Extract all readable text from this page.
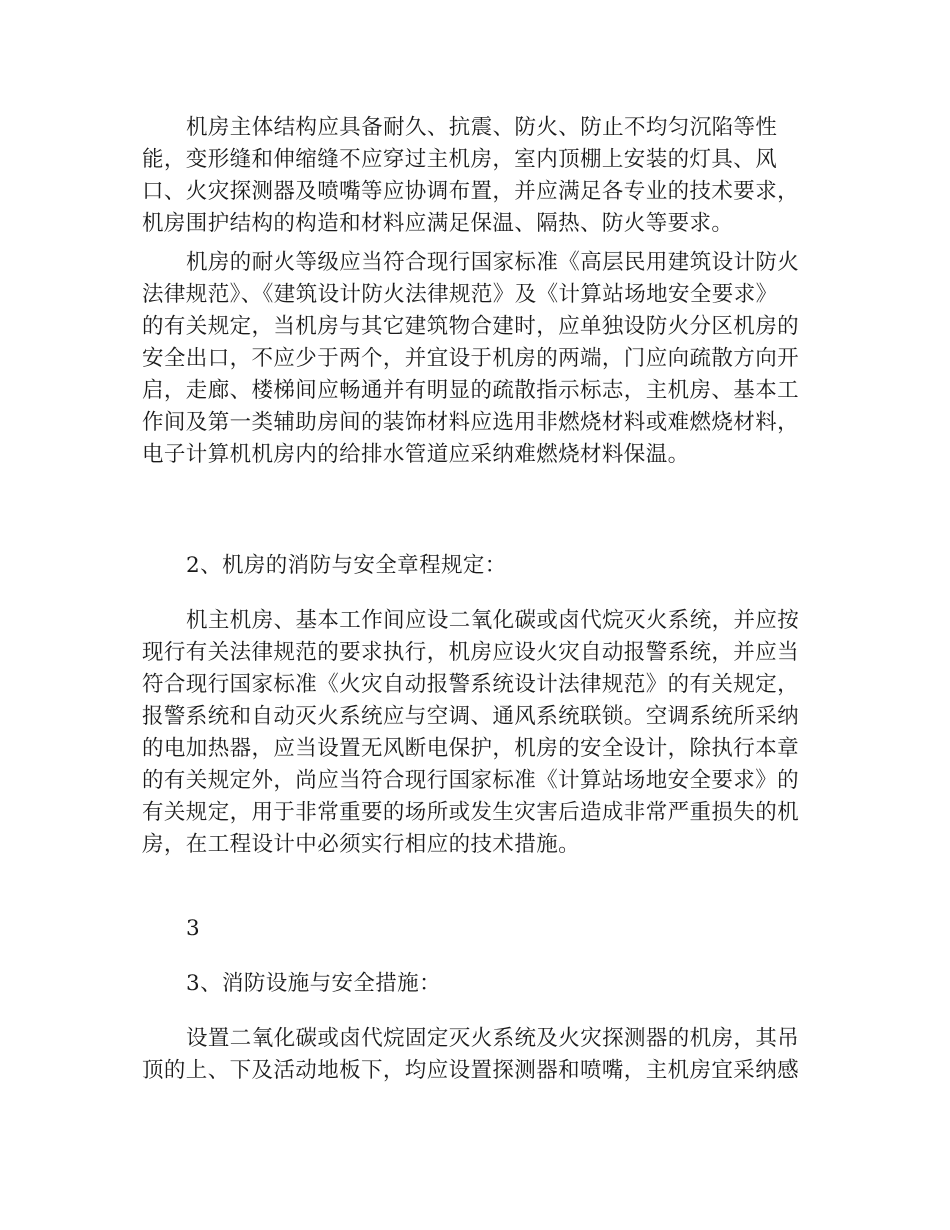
机房主体结构应具备耐久、抗震、防火、防止不均匀沉陷等性
能，变形缝和伸缩缝不应穿过主机房，室内顶棚上安装的灯具、风
口、火灾探测器及喷嘴等应协调布置，并应满足各专业的技术要求，
机房围护结构的构造和材料应满足保温、隔热、防火等要求。

机房的耐火等级应当符合现行国家标准《高层民用建筑设计防火
法律规范》、《建筑设计防火法律规范》及《计算站场地安全要求》
的有关规定，当机房与其它建筑物合建时，应单独设防火分区机房的
安全出口，不应少于两个，并宜设于机房的两端，门应向疏散方向开
启，走廊、楼梯间应畅通并有明显的疏散指示标志，主机房、基本工
作间及第一类辅助房间的装饰材料应选用非燃烧材料或难燃烧材料，
电子计算机机房内的给排水管道应采纳难燃烧材料保温。

2、机房的消防与安全章程规定：

机主机房、基本工作间应设二氧化碳或卤代烷灭火系统，并应按
现行有关法律规范的要求执行，机房应设火灾自动报警系统，并应当
符合现行国家标准《火灾自动报警系统设计法律规范》的有关规定，
报警系统和自动灭火系统应与空调、通风系统联锁。空调系统所采纳
的电加热器，应当设置无风断电保护，机房的安全设计，除执行本章
的有关规定外，尚应当符合现行国家标准《计算站场地安全要求》的
有关规定，用于非常重要的场所或发生灾害后造成非常严重损失的机
房，在工程设计中必须实行相应的技术措施。

3

3、消防设施与安全措施：

设置二氧化碳或卤代烷固定灭火系统及火灾探测器的机房，其吊
顶的上、下及活动地板下，均应设置探测器和喷嘴，主机房宜采纳感
